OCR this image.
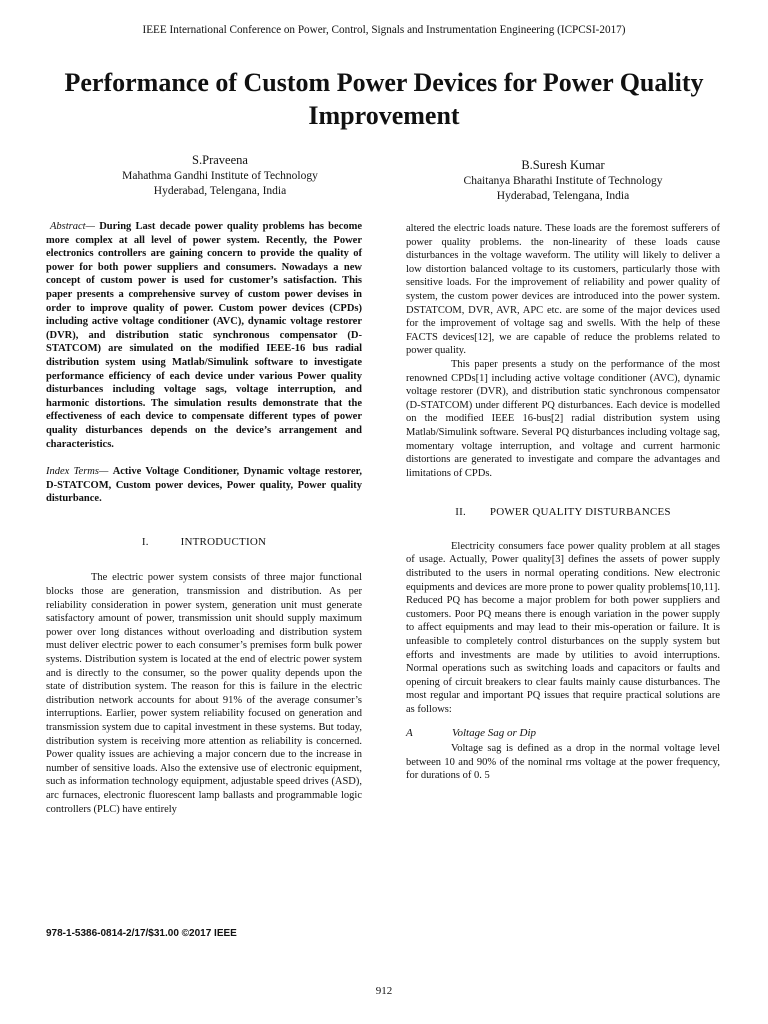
IEEE International Conference on Power, Control, Signals and Instrumentation Engineering (ICPCSI-2017)
Performance of Custom Power Devices for Power Quality Improvement
S.Praveena
Mahathma Gandhi Institute of Technology
Hyderabad, Telengana, India
B.Suresh Kumar
Chaitanya Bharathi Institute of Technology
Hyderabad, Telengana, India

Abstract— During Last decade power quality problems has become more complex at all level of power system. Recently, the Power electronics controllers are gaining concern to provide the quality of power for both power suppliers and consumers. Nowadays a new concept of custom power is used for customer’s satisfaction. This paper presents a comprehensive survey of custom power devises in order to improve quality of power. Custom power devices (CPDs) including active voltage conditioner (AVC), dynamic voltage restorer (DVR), and distribution static synchronous compensator (D-STATCOM) are simulated on the modified IEEE-16 bus radial distribution system using Matlab/Simulink software to investigate performance efficiency of each device under various Power quality disturbances including voltage sags, voltage interruption, and harmonic distortions. The simulation results demonstrate that the effectiveness of each device to compensate different types of power quality disturbances depends on the device’s arrangement and characteristics.

Index Terms— Active Voltage Conditioner, Dynamic voltage restorer, D-STATCOM, Custom power devices, Power quality, Power quality disturbance.

I.	INTRODUCTION

The electric power system consists of three major functional blocks those are generation, transmission and distribution. As per reliability consideration in power system, generation unit must generate satisfactory amount of power, transmission unit should supply maximum power over long distances without overloading and distribution system must deliver electric power to each consumer’s premises form bulk power systems. Distribution system is located at the end of electric power system and is directly to the consumer, so the power quality depends upon the state of distribution system. The reason for this is failure in the electric distribution network accounts for about 91% of the average consumer’s interruptions. Earlier, power system reliability focused on generation and transmission system due to capital investment in these systems. But today, distribution system is receiving more attention as reliability is concerned. Power quality issues are achieving a major concern due to the increase in number of sensitive loads. Also the extensive use of electronic equipment, such as information technology equipment, adjustable speed drives (ASD), arc furnaces, electronic fluorescent lamp ballasts and programmable logic controllers (PLC) have entirely

altered the electric loads nature. These loads are the foremost sufferers of power quality problems. the non-linearity of these loads cause disturbances in the voltage waveform. The utility will likely to deliver a low distortion balanced voltage to its customers, particularly those with sensitive loads. For the improvement of reliability and power quality of system, the custom power devices are introduced into the power system. DSTATCOM, DVR, AVR, APC etc. are some of the major devices used for the improvement of voltage sag and swells. With the help of these FACTS devices[12], we are capable of reduce the problems related to power quality.

This paper presents a study on the performance of the most renowned CPDs[1] including active voltage conditioner (AVC), dynamic voltage restorer (DVR), and distribution static synchronous compensator (D-STATCOM) under different PQ disturbances. Each device is modelled on the modified IEEE 16-bus[2] radial distribution system using Matlab/Simulink software. Several PQ disturbances including voltage sag, momentary voltage interruption, and voltage and current harmonic distortions are generated to investigate and compare the advantages and limitations of CPDs.

II. POWER QUALITY DISTURBANCES

Electricity consumers face power quality problem at all stages of usage. Actually, Power quality[3] defines the assets of power supply distributed to the users in normal operating conditions. New electronic equipments and devices are more prone to power quality problems[10,11]. Reduced PQ has become a major problem for both power suppliers and customers. Poor PQ means there is enough variation in the power supply to affect equipments and may lead to their mis-operation or failure. It is unfeasible to completely control disturbances on the supply system but efforts and investments are made by utilities to avoid interruptions. Normal operations such as switching loads and capacitors or faults and opening of circuit breakers to clear faults mainly cause disturbances. The most regular and important PQ issues that require practical solutions are as follows:

A	Voltage Sag or Dip

Voltage sag is defined as a drop in the normal voltage level between 10 and 90% of the nominal rms voltage at the power frequency, for durations of 0. 5

978-1-5386-0814-2/17/$31.00 ©2017 IEEE
912
